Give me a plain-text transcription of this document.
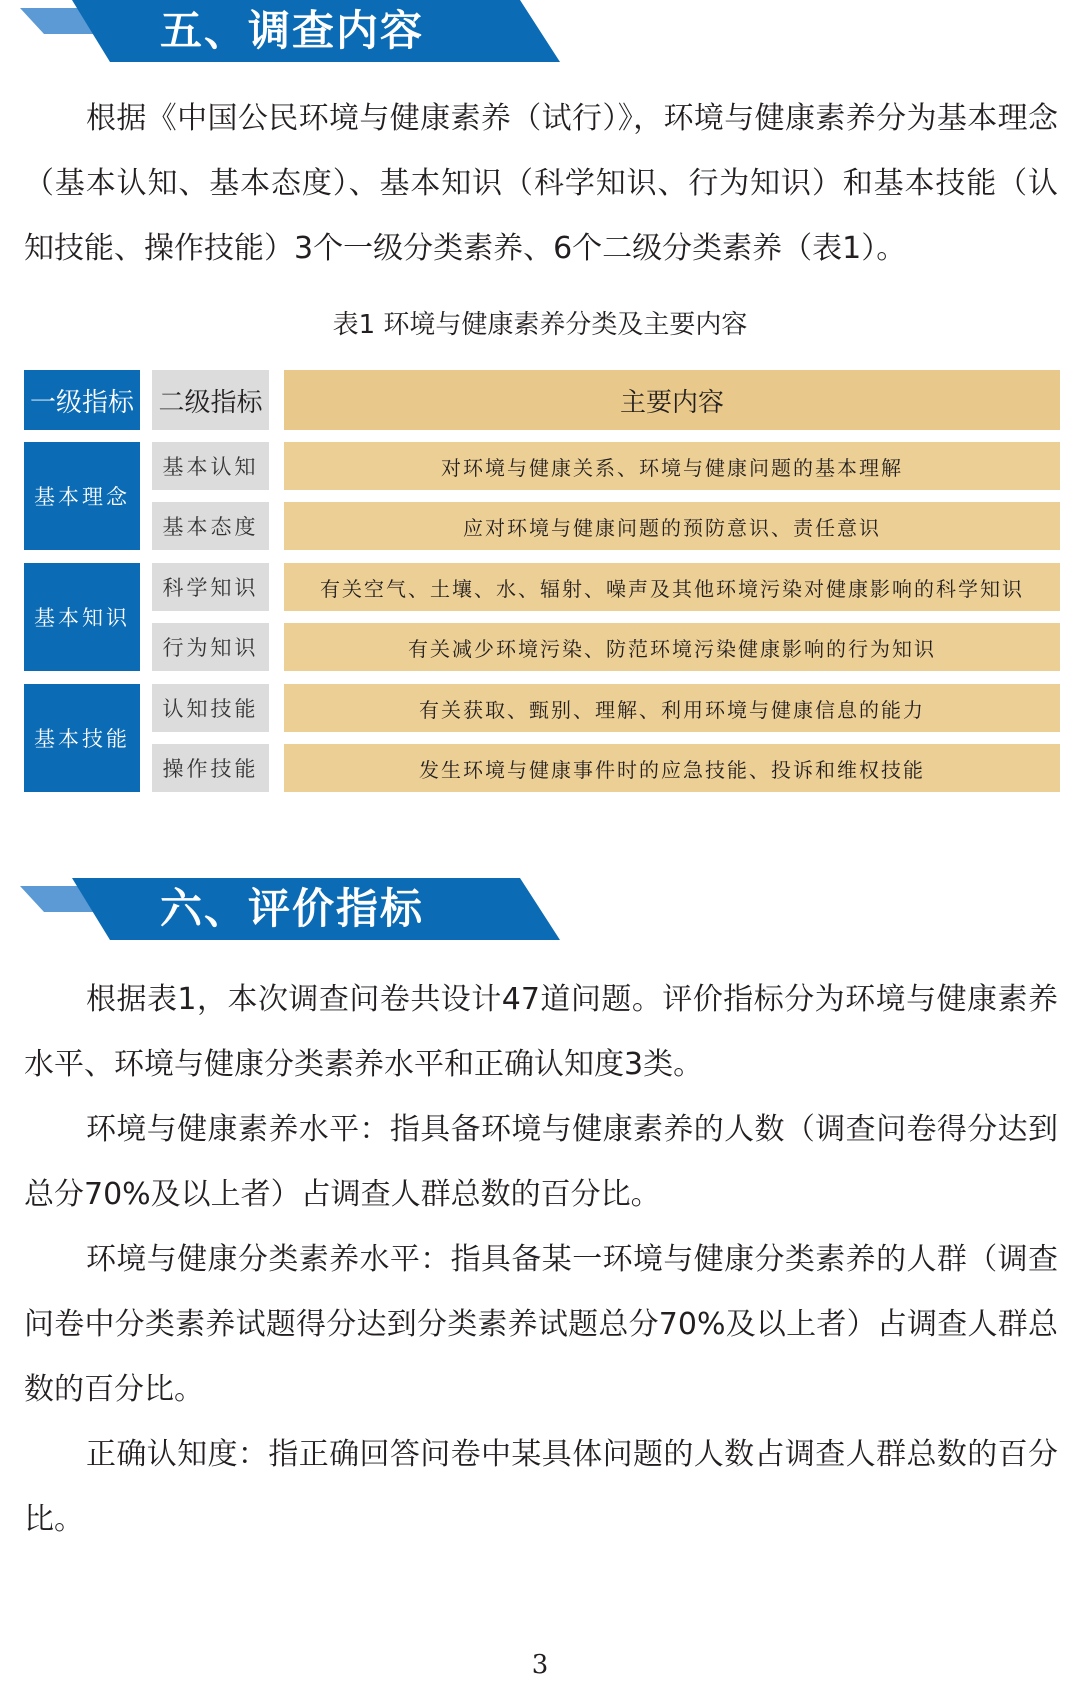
五、调查内容

根据《中国公民环境与健康素养（试行）》，环境与健康素养分为基本理念（基本认知、基本态度）、基本知识（科学知识、行为知识）和基本技能（认知技能、操作技能）3个一级分类素养、6个二级分类素养（表1）。

表1 环境与健康素养分类及主要内容
一级指标 二级指标	主要内容
基本理念
基本认知	对环境与健康关系、环境与健康问题的基本理解
基本态度	应对环境与健康问题的预防意识、责任意识
基本知识
科学知识	有关空气、土壤、水、辐射、噪声及其他环境污染对健康影响的科学知识
行为知识	有关减少环境污染、防范环境污染健康影响的行为知识
基本技能
认知技能	有关获取、甄别、理解、利用环境与健康信息的能力
操作技能	发生环境与健康事件时的应急技能、投诉和维权技能
六、评价指标

根据表1，本次调查问卷共设计47道问题。评价指标分为环境与健康素养水平、环境与健康分类素养水平和正确认知度3类。

环境与健康素养水平：指具备环境与健康素养的人数（调查问卷得分达到总分70%及以上者）占调查人群总数的百分比。

环境与健康分类素养水平：指具备某一环境与健康分类素养的人群（调查问卷中分类素养试题得分达到分类素养试题总分70%及以上者）占调查人群总数的百分比。

正确认知度：指正确回答问卷中某具体问题的人数占调查人群总数的百分比。

3
